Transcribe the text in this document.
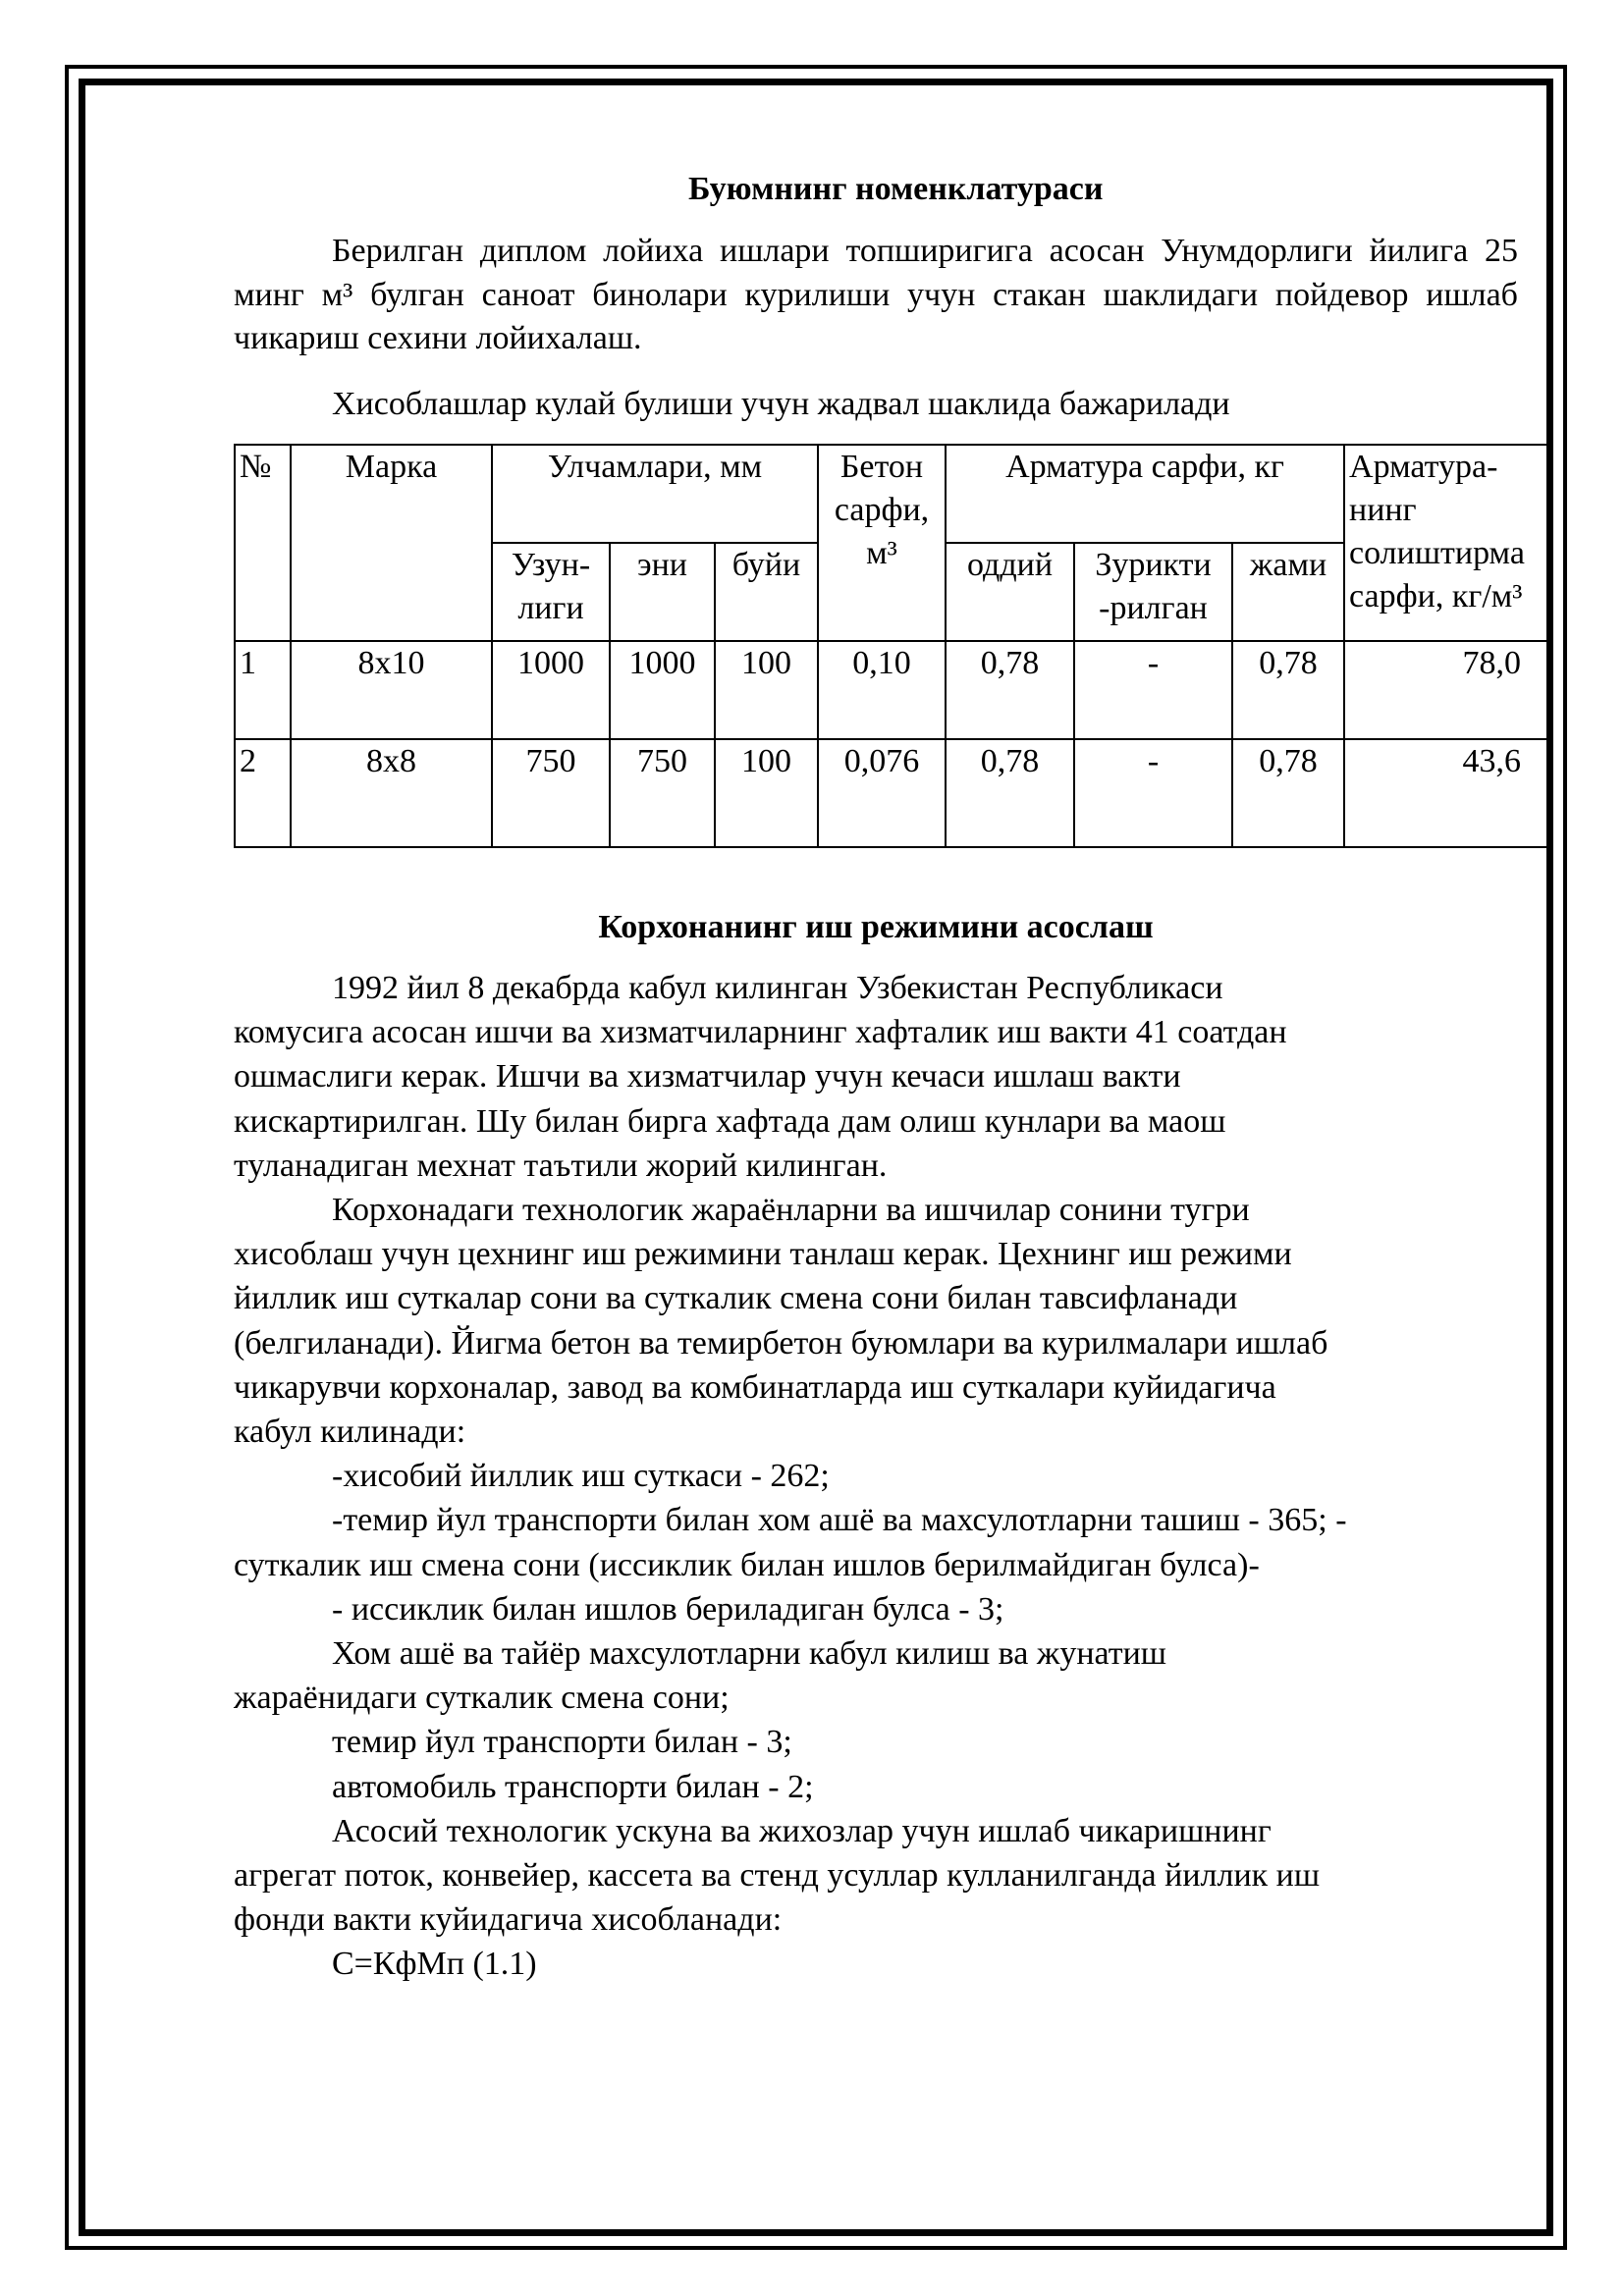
Буюмнинг номенклатураси

Берилган диплом лойиха ишлари топширигига асосан Унумдорлиги йилига 25 минг м³ булган саноат бинолари курилиши учун стакан шаклидаги пойдевор ишлаб чикариш сехини лойихалаш.

Хисоблашлар кулай булиши учун жадвал шаклида бажарилади

№	Марка	Улчамлари, мм			Бетон сарфи, м³	Арматура сарфи, кг			Арматура-нинг солиштирма сарфи, кг/м³
		Узун-лиги	эни	буйи		оддий	Зурикти -рилган	жами	
1	8x10	1000	1000	100	0,10	0,78	-	0,78	78,0
2	8x8	750	750	100	0,076	0,78	-	0,78	43,6
Корхонанинг иш режимини асослаш

1992 йил 8 декабрда кабул килинган Узбекистан Республикаси

комусига асосан ишчи ва хизматчиларнинг хафталик иш вакти 41 соатдан

ошмаслиги керак. Ишчи ва хизматчилар учун кечаси ишлаш вакти

кискартирилган. Шу билан бирга хафтада дам олиш кунлари ва маош

туланадиган мехнат таътили жорий килинган.

Корхонадаги технологик жараёнларни ва ишчилар сонини тугри

хисоблаш учун цехнинг иш режимини танлаш керак. Цехнинг иш режими

йиллик иш суткалар сони ва суткалик смена сони билан тавсифланади

(белгиланади). Йигма бетон ва темирбетон буюмлари ва курилмалари ишлаб

чикарувчи корхоналар, завод ва комбинатларда иш суткалари куйидагича

кабул килинади:

-хисобий йиллик иш суткаси - 262;

-темир йул транспорти билан хом ашё ва махсулотларни ташиш - 365; -

суткалик иш смена сони (иссиклик билан ишлов берилмайдиган булса)-

- иссиклик билан ишлов бериладиган булса - 3;

Хом ашё ва тайёр махсулотларни кабул килиш ва жунатиш

жараёнидаги суткалик смена сони;

темир йул транспорти билан - 3;

автомобиль транспорти билан - 2;

Асосий технологик ускуна ва жихозлар учун ишлаб чикаришнинг

агрегат поток, конвейер, кассета ва стенд усуллар кулланилганда йиллик иш

фонди вакти куйидагича хисобланади:

С=КфМп (1.1)
